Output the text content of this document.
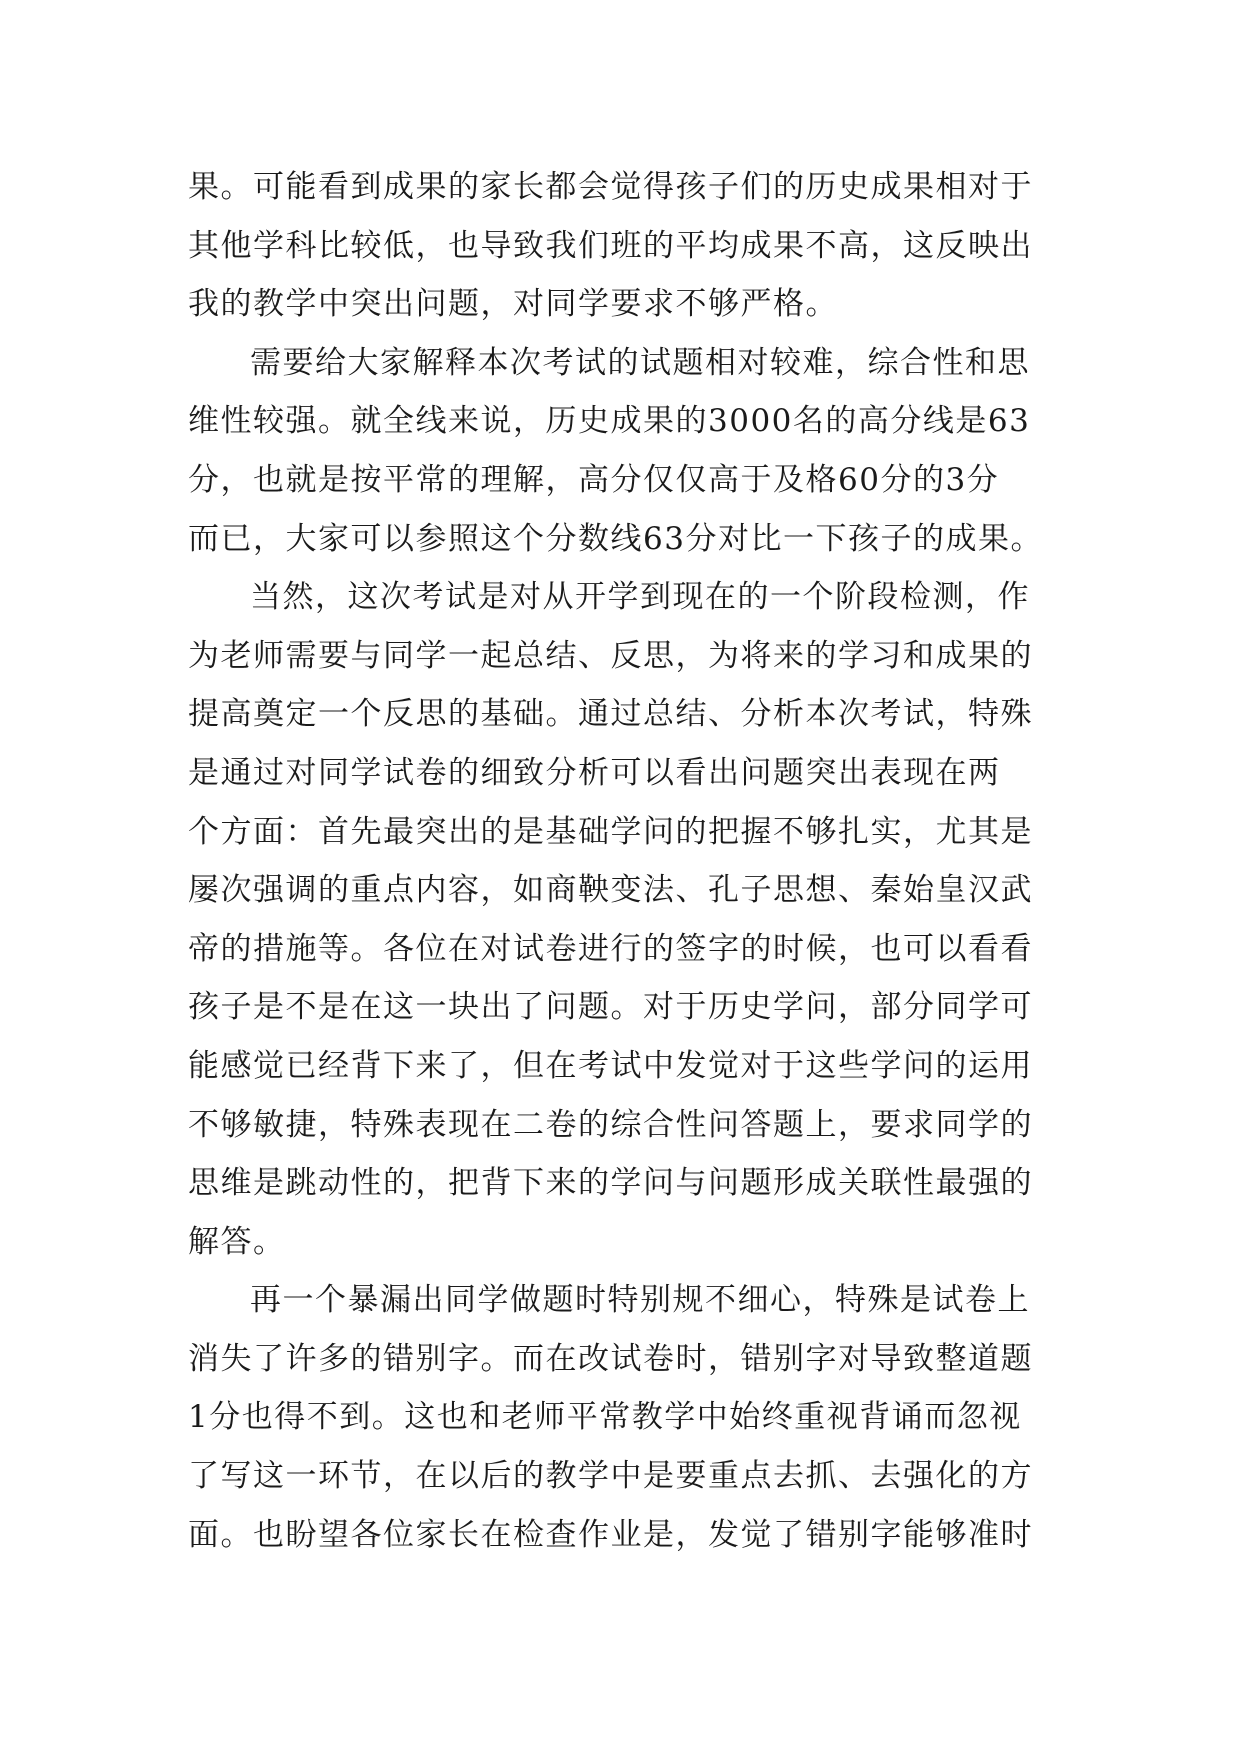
果。可能看到成果的家长都会觉得孩子们的历史成果相对于
其他学科比较低，也导致我们班的平均成果不高，这反映出
我的教学中突出问题，对同学要求不够严格。
需要给大家解释本次考试的试题相对较难，综合性和思
维性较强。就全线来说，历史成果的3000名的高分线是63
分，也就是按平常的理解，高分仅仅高于及格60分的3分
而已，大家可以参照这个分数线63分对比一下孩子的成果。
当然，这次考试是对从开学到现在的一个阶段检测，作
为老师需要与同学一起总结、反思，为将来的学习和成果的
提高奠定一个反思的基础。通过总结、分析本次考试，特殊
是通过对同学试卷的细致分析可以看出问题突出表现在两
个方面：首先最突出的是基础学问的把握不够扎实，尤其是
屡次强调的重点内容，如商鞅变法、孔子思想、秦始皇汉武
帝的措施等。各位在对试卷进行的签字的时候，也可以看看
孩子是不是在这一块出了问题。对于历史学问，部分同学可
能感觉已经背下来了，但在考试中发觉对于这些学问的运用
不够敏捷，特殊表现在二卷的综合性问答题上，要求同学的
思维是跳动性的，把背下来的学问与问题形成关联性最强的
解答。
再一个暴漏出同学做题时特别规不细心，特殊是试卷上
消失了许多的错别字。而在改试卷时，错别字对导致整道题
1分也得不到。这也和老师平常教学中始终重视背诵而忽视
了写这一环节，在以后的教学中是要重点去抓、去强化的方
面。也盼望各位家长在检查作业是，发觉了错别字能够准时
